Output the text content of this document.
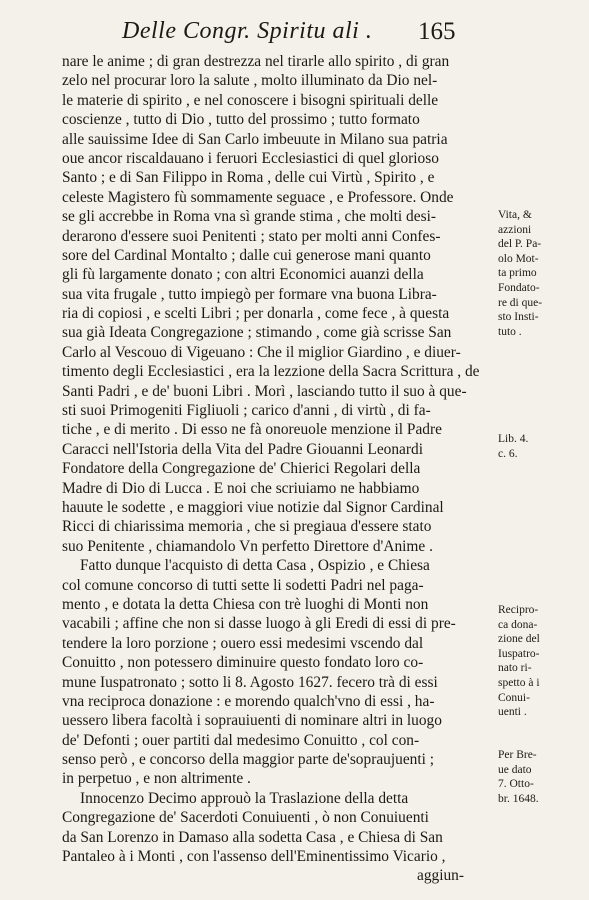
Delle Congr. Spiritu ali . 165
nare le anime ; di gran destrezza nel tirarle allo spirito , di gran
zelo nel procurar loro la salute , molto illuminato da Dio nel-
le materie di spirito , e nel conoscere i bisogni spirituali delle
coscienze , tutto di Dio , tutto del prossimo ; tutto formato
alle sauissime Idee di San Carlo imbeuute in Milano sua patria
oue ancor riscaldauano i feruori Ecclesiastici di quel glorioso
Santo ; e di San Filippo in Roma , delle cui Virtù , Spirito , e
celeste Magistero fù sommamente seguace , e Professore. Onde
se gli accrebbe in Roma vna sì grande stima , che molti desi-
derarono d'essere suoi Penitenti ; stato per molti anni Confes-
sore del Cardinal Montalto ; dalle cui generose mani quanto
gli fù largamente donato ; con altri Economici auanzi della
sua vita frugale , tutto impiegò per formare vna buona Libra-
ria di copiosi , e scelti Libri ; per donarla , come fece , à questa
sua già Ideata Congregazione ; stimando , come già scrisse San
Carlo al Vescouo di Vigeuano : Che il miglior Giardino , e diuer-
timento degli Ecclesiastici , era la lezzione della Sacra Scrittura , de
Santi Padri , e de' buoni Libri . Morì , lasciando tutto il suo à que-
sti suoi Primogeniti Figliuoli ; carico d'anni , di virtù , di fa-
tiche , e di merito . Di esso ne fà onoreuole menzione il Padre
Caracci nell'Istoria della Vita del Padre Giouanni Leonardi
Fondatore della Congregazione de' Chierici Regolari della
Madre di Dio di Lucca . E noi che scriuiamo ne habbiamo
hauute le sodette , e maggiori viue notizie dal Signor Cardinal
Ricci di chiarissima memoria , che si pregiaua d'essere stato
suo Penitente , chiamandolo Vn perfetto Direttore d'Anime .
Fatto dunque l'acquisto di detta Casa , Ospizio , e Chiesa
col comune concorso di tutti sette li sodetti Padri nel paga-
mento , e dotata la detta Chiesa con trè luoghi di Monti non
vacabili ; affine che non si dasse luogo à gli Eredi di essi di pre-
tendere la loro porzione ; ouero essi medesimi vscendo dal
Conuitto , non potessero diminuire questo fondato loro co-
mune Iuspatronato ; sotto li 8. Agosto 1627. fecero trà di essi
vna reciproca donazione : e morendo qualch'vno di essi , ha-
uessero libera facoltà i soprauiuenti di nominare altri in luogo
de' Defonti ; ouer partiti dal medesimo Conuitto , col con-
senso però , e concorso della maggior parte de'sopraujuenti ;
in perpetuo , e non altrimente .
Innocenzo Decimo approuò la Traslazione della detta
Congregazione de' Sacerdoti Conuiuenti , ò non Conuiuenti
da San Lorenzo in Damaso alla sodetta Casa , e Chiesa di San
Pantaleo à i Monti , con l'assenso dell'Eminentissimo Vicario ,
aggiun-
Vita, &
azzioni
del P. Pa-
olo Mot-
ta primo
Fondato-
re di que-
sto Insti-
tuto .
Lib. 4.
c. 6.
Recipro-
ca dona-
zione del
Iuspatro-
nato ri-
spetto à i
Conui-
uenti .
Per Bre-
ue dato
7. Otto-
br. 1648.
